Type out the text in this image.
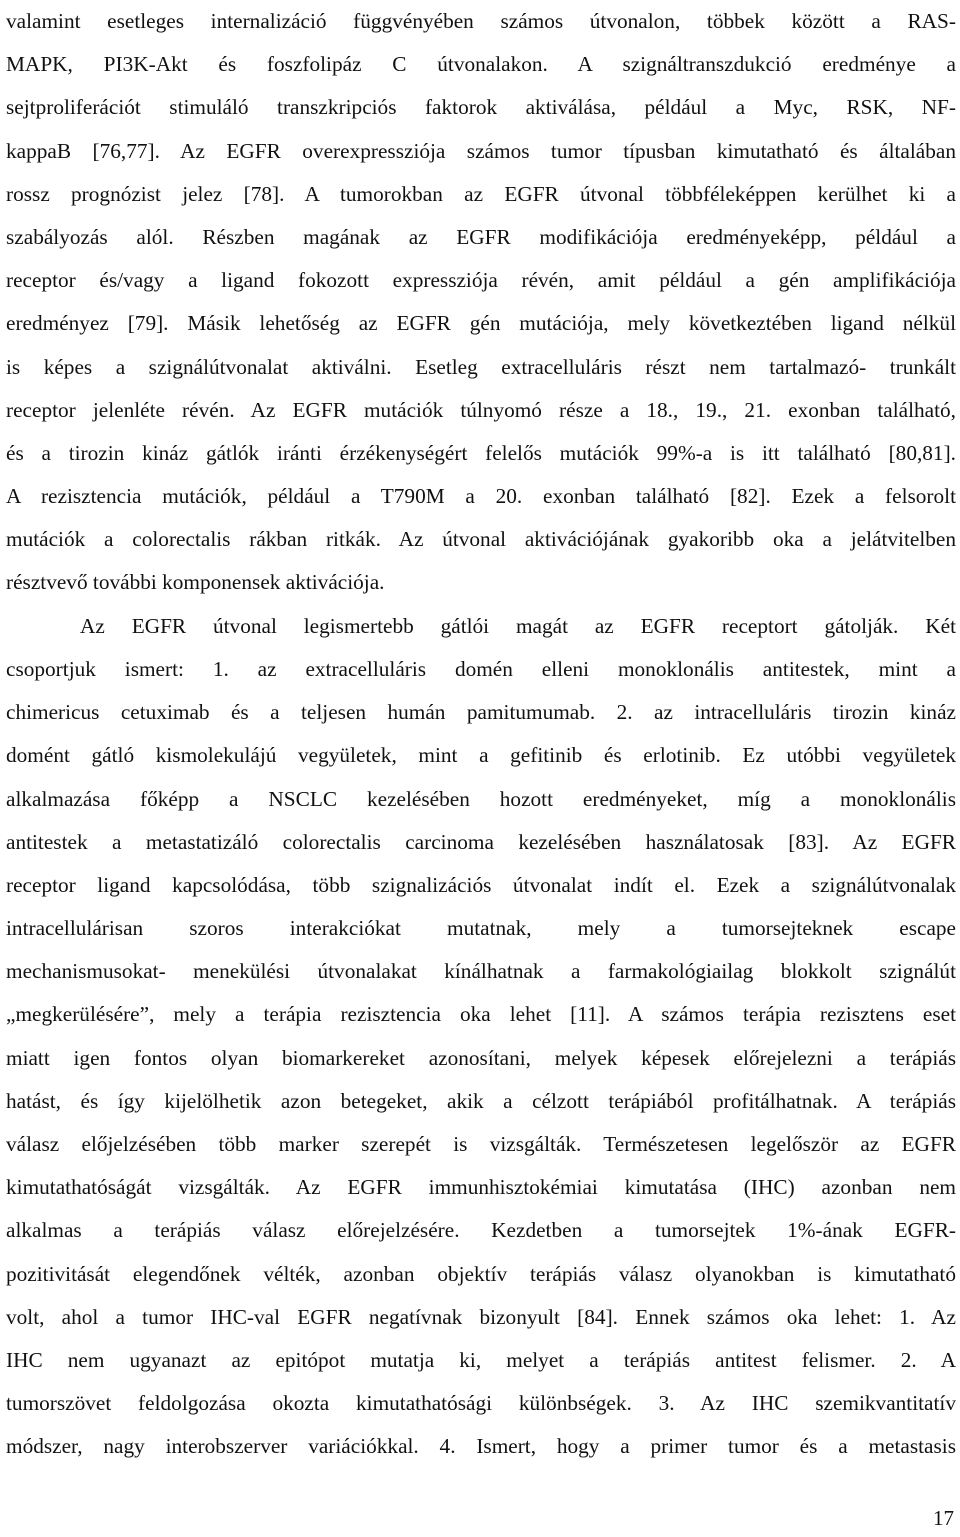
valamint esetleges internalizáció függvényében számos útvonalon, többek között a RAS-
MAPK, PI3K-Akt és foszfolipáz C útvonalakon. A szignáltranszdukció eredménye a
sejtproliferációt stimuláló transzkripciós faktorok aktiválása, például a Myc, RSK, NF-
kappaB [76,77]. Az EGFR overexpressziója számos tumor típusban kimutatható és általában
rossz prognózist jelez [78]. A tumorokban az EGFR útvonal többféleképpen kerülhet ki a
szabályozás alól. Részben magának az EGFR modifikációja eredményeképp, például a
receptor és/vagy a ligand fokozott expressziója révén, amit például a gén amplifikációja
eredményez [79]. Másik lehetőség az EGFR gén mutációja, mely következtében ligand nélkül
is képes a szignálútvonalat aktiválni. Esetleg extracelluláris részt nem tartalmazó- trunkált
receptor jelenléte révén. Az EGFR mutációk túlnyomó része a 18., 19., 21. exonban található,
és a tirozin kináz gátlók iránti érzékenységért felelős mutációk 99%-a is itt található [80,81].
A rezisztencia mutációk, például a T790M a 20. exonban található [82]. Ezek a felsorolt
mutációk a colorectalis rákban ritkák. Az útvonal aktivációjának gyakoribb oka a jelátvitelben
résztvevő további komponensek aktivációja.
Az EGFR útvonal legismertebb gátlói magát az EGFR receptort gátolják. Két
csoportjuk ismert: 1. az extracelluláris domén elleni monoklonális antitestek, mint a
chimericus cetuximab és a teljesen humán pamitumumab. 2. az intracelluláris tirozin kináz
domént gátló kismolekulájú vegyületek, mint a gefitinib és erlotinib. Ez utóbbi vegyületek
alkalmazása főképp a NSCLC kezelésében hozott eredményeket, míg a monoklonális
antitestek a metastatizáló colorectalis carcinoma kezelésében használatosak [83]. Az EGFR
receptor ligand kapcsolódása, több szignalizációs útvonalat indít el. Ezek a szignálútvonalak
intracellulárisan szoros interakciókat mutatnak, mely a tumorsejteknek escape
mechanismusokat- menekülési útvonalakat kínálhatnak a farmakológiailag blokkolt szignálút
„megkerülésére”, mely a terápia rezisztencia oka lehet [11]. A számos terápia rezisztens eset
miatt igen fontos olyan biomarkereket azonosítani, melyek képesek előrejelezni a terápiás
hatást, és így kijelölhetik azon betegeket, akik a célzott terápiából profitálhatnak. A terápiás
válasz előjelzésében több marker szerepét is vizsgálták. Természetesen legelőször az EGFR
kimutathatóságát vizsgálták. Az EGFR immunhisztokémiai kimutatása (IHC) azonban nem
alkalmas a terápiás válasz előrejelzésére. Kezdetben a tumorsejtek 1%-ának EGFR-
pozitivitását elegendőnek vélték, azonban objektív terápiás válasz olyanokban is kimutatható
volt, ahol a tumor IHC-val EGFR negatívnak bizonyult [84]. Ennek számos oka lehet: 1. Az
IHC nem ugyanazt az epitópot mutatja ki, melyet a terápiás antitest felismer. 2. A
tumorszövet feldolgozása okozta kimutathatósági különbségek. 3. Az IHC szemikvantitatív
módszer, nagy interobszerver variációkkal. 4. Ismert, hogy a primer tumor és a metastasis
17
